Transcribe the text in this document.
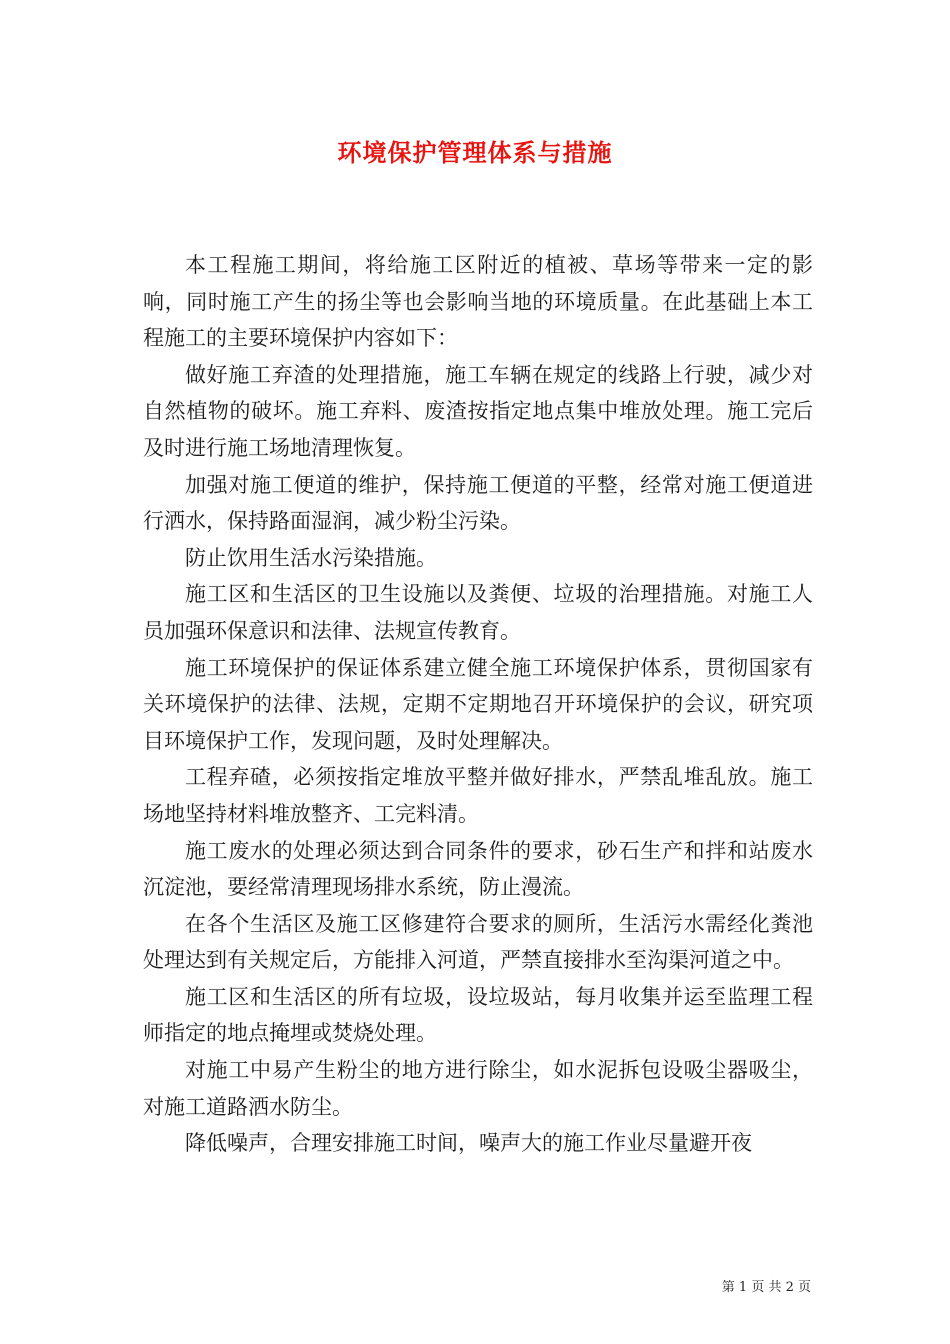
环境保护管理体系与措施

本工程施工期间，将给施工区附近的植被、草场等带来一定的影响，同时施工产生的扬尘等也会影响当地的环境质量。在此基础上本工程施工的主要环境保护内容如下：

做好施工弃渣的处理措施，施工车辆在规定的线路上行驶，减少对自然植物的破坏。施工弃料、废渣按指定地点集中堆放处理。施工完后及时进行施工场地清理恢复。

加强对施工便道的维护，保持施工便道的平整，经常对施工便道进行洒水，保持路面湿润，减少粉尘污染。

防止饮用生活水污染措施。

施工区和生活区的卫生设施以及粪便、垃圾的治理措施。对施工人员加强环保意识和法律、法规宣传教育。

施工环境保护的保证体系建立健全施工环境保护体系，贯彻国家有关环境保护的法律、法规，定期不定期地召开环境保护的会议，研究项目环境保护工作，发现问题，及时处理解决。

工程弃碴，必须按指定堆放平整并做好排水，严禁乱堆乱放。施工场地坚持材料堆放整齐、工完料清。

施工废水的处理必须达到合同条件的要求，砂石生产和拌和站废水沉淀池，要经常清理现场排水系统，防止漫流。

在各个生活区及施工区修建符合要求的厕所，生活污水需经化粪池处理达到有关规定后，方能排入河道，严禁直接排水至沟渠河道之中。

施工区和生活区的所有垃圾，设垃圾站，每月收集并运至监理工程师指定的地点掩埋或焚烧处理。

对施工中易产生粉尘的地方进行除尘，如水泥拆包设吸尘器吸尘，对施工道路洒水防尘。

降低噪声，合理安排施工时间，噪声大的施工作业尽量避开夜

第 1 页 共 2 页
